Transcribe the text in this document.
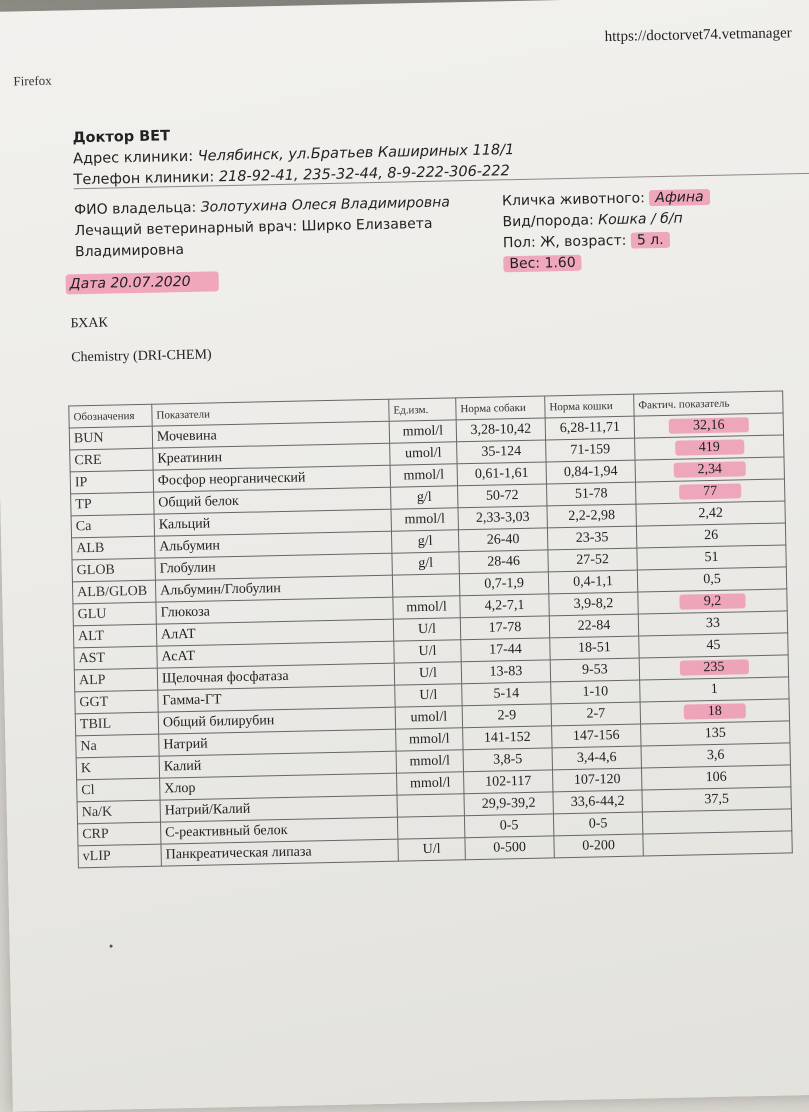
https://doctorvet74.vetmanager
Firefox
Доктор ВЕТ
Адрес клиники: Челябинск, ул.Братьев Кашириных 118/1
Телефон клиники: 218-92-41, 235-32-44, 8-9-222-306-222
ФИО владельца: Золотухина Олеся Владимировна
Лечащий ветеринарный врач: Ширко Елизавета Владимировна
Кличка животного: Афина
Вид/порода: Кошка / б/п
Пол: Ж, возраст: 5 л.
Вес: 1.60
Дата 20.07.2020
БХАК
Chemistry (DRI-CHEM)
Обозначения	Показатели	Ед.изм.	Норма собаки	Норма кошки	Фактич. показатель
BUN	Мочевина	mmol/l	3,28-10,42	6,28-11,71	32,16
CRE	Креатинин	umol/l	35-124	71-159	419
IP	Фосфор неорганический	mmol/l	0,61-1,61	0,84-1,94	2,34
TP	Общий белок	g/l	50-72	51-78	77
Ca	Кальций	mmol/l	2,33-3,03	2,2-2,98	2,42
ALB	Альбумин	g/l	26-40	23-35	26
GLOB	Глобулин	g/l	28-46	27-52	51
ALB/GLOB	Альбумин/Глобулин		0,7-1,9	0,4-1,1	0,5
GLU	Глюкоза	mmol/l	4,2-7,1	3,9-8,2	9,2
ALT	АлАТ	U/l	17-78	22-84	33
AST	АсАТ	U/l	17-44	18-51	45
ALP	Щелочная фосфатаза	U/l	13-83	9-53	235
GGT	Гамма-ГТ	U/l	5-14	1-10	1
TBIL	Общий билирубин	umol/l	2-9	2-7	18
Na	Натрий	mmol/l	141-152	147-156	135
K	Калий	mmol/l	3,8-5	3,4-4,6	3,6
Cl	Хлор	mmol/l	102-117	107-120	106
Na/K	Натрий/Калий		29,9-39,2	33,6-44,2	37,5
CRP	С-реактивный белок		0-5	0-5	
vLIP	Панкреатическая липаза	U/l	0-500	0-200	
